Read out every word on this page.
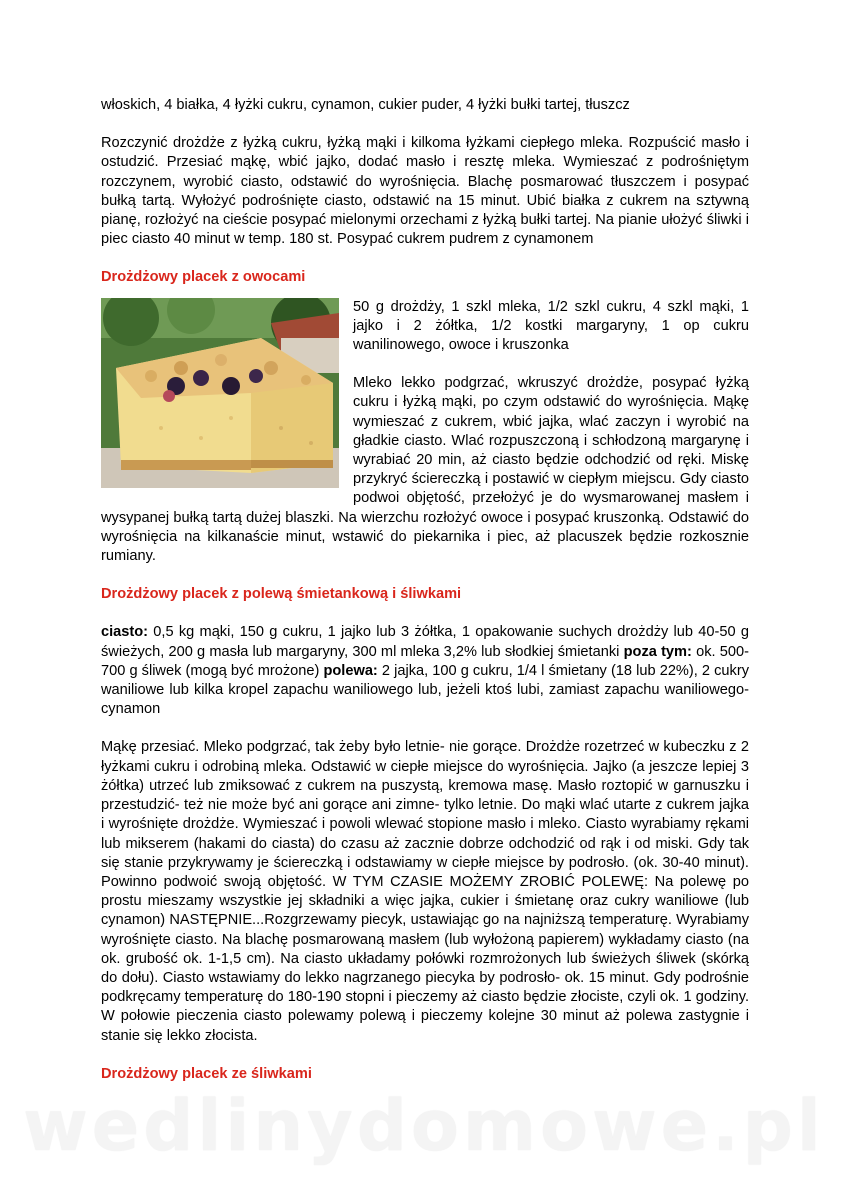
włoskich, 4 białka, 4 łyżki cukru, cynamon, cukier puder, 4 łyżki bułki tartej, tłuszcz

Rozczynić drożdże z łyżką cukru, łyżką mąki i kilkoma łyżkami ciepłego mleka. Rozpuścić masło i ostudzić. Przesiać mąkę, wbić jajko, dodać masło i resztę mleka. Wymieszać z podrośniętym rozczynem, wyrobić ciasto, odstawić do wyrośnięcia. Blachę posmarować tłuszczem i posypać bułką tartą. Wyłożyć podrośnięte ciasto, odstawić na 15 minut. Ubić białka z cukrem na sztywną pianę, rozłożyć na cieście posypać mielonymi orzechami z łyżką bułki tartej. Na pianie ułożyć śliwki i piec ciasto 40 minut w temp. 180 st. Posypać cukrem pudrem z cynamonem

Drożdżowy placek z owocami

50 g drożdży, 1 szkl mleka, 1/2 szkl cukru, 4 szkl mąki, 1 jajko i 2 żółtka, 1/2 kostki margaryny, 1 op cukru wanilinowego, owoce i kruszonka

Mleko lekko podgrzać, wkruszyć drożdże, posypać łyżką cukru i łyżką mąki, po czym odstawić do wyrośnięcia. Mąkę wymieszać z cukrem, wbić jajka, wlać zaczyn i wyrobić na gładkie ciasto. Wlać rozpuszczoną i schłodzoną margarynę i wyrabiać 20 min, aż ciasto będzie odchodzić od ręki. Miskę przykryć ściereczką i postawić w ciepłym miejscu. Gdy ciasto podwoi objętość, przełożyć je do wysmarowanej masłem i wysypanej bułką tartą dużej blaszki. Na wierzchu rozłożyć owoce i posypać kruszonką. Odstawić do wyrośnięcia na kilkanaście minut, wstawić do piekarnika i piec, aż placuszek będzie rozkosznie rumiany.

Drożdżowy placek z polewą śmietankową i śliwkami

ciasto: 0,5 kg mąki, 150 g cukru, 1 jajko lub 3 żółtka, 1 opakowanie suchych drożdży lub 40-50 g świeżych, 200 g masła lub margaryny, 300 ml mleka 3,2% lub słodkiej śmietanki poza tym: ok. 500-700 g śliwek (mogą być mrożone) polewa: 2 jajka, 100 g cukru, 1/4 l śmietany (18 lub 22%), 2 cukry waniliowe lub kilka kropel zapachu waniliowego lub, jeżeli ktoś lubi, zamiast zapachu waniliowego- cynamon

Mąkę przesiać. Mleko podgrzać, tak żeby było letnie- nie gorące. Drożdże rozetrzeć w kubeczku z 2 łyżkami cukru i odrobiną mleka. Odstawić w ciepłe miejsce do wyrośnięcia. Jajko (a jeszcze lepiej 3 żółtka) utrzeć lub zmiksować z cukrem na puszystą, kremowa masę. Masło roztopić w garnuszku i przestudzić- też nie może być ani gorące ani zimne- tylko letnie. Do mąki wlać utarte z cukrem jajka i wyrośnięte drożdże. Wymieszać i powoli wlewać stopione masło i mleko. Ciasto wyrabiamy rękami lub mikserem (hakami do ciasta) do czasu aż zacznie dobrze odchodzić od rąk i od miski. Gdy tak się stanie przykrywamy je ściereczką i odstawiamy w ciepłe miejsce by podrosło. (ok. 30-40 minut). Powinno podwoić swoją objętość. W TYM CZASIE MOŻEMY ZROBIĆ POLEWĘ: Na polewę po prostu mieszamy wszystkie jej składniki a więc jajka, cukier i śmietanę oraz cukry waniliowe (lub cynamon) NASTĘPNIE...Rozgrzewamy piecyk, ustawiając go na najniższą temperaturę. Wyrabiamy wyrośnięte ciasto. Na blachę posmarowaną masłem (lub wyłożoną papierem) wykładamy ciasto (na ok. grubość ok. 1-1,5 cm). Na ciasto układamy połówki rozmrożonych lub świeżych śliwek (skórką do dołu). Ciasto wstawiamy do lekko nagrzanego piecyka by podrosło- ok. 15 minut. Gdy podrośnie podkręcamy temperaturę do 180-190 stopni i pieczemy aż ciasto będzie złociste, czyli ok. 1 godziny. W połowie pieczenia ciasto polewamy polewą i pieczemy kolejne 30 minut aż polewa zastygnie i stanie się lekko złocista.

Drożdżowy placek ze śliwkami
wedlinydomowe.pl
